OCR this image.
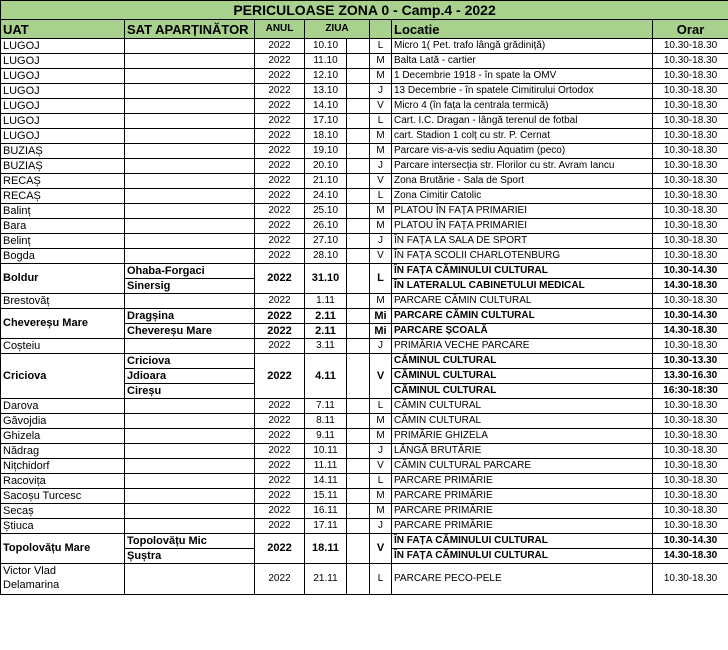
PERICULOASE ZONA 0 - Camp.4 - 2022							
UAT	SAT APARȚINĂTOR	ANUL	ZIUA			Locatie	Orar
LUGOJ		2022	10.10		L	Micro 1( Pet. trafo lângă grădiniță)	10.30-18.30
LUGOJ		2022	11.10		M	Balta Lată - cartier	10.30-18.30
LUGOJ		2022	12.10		M	1 Decembrie 1918 - în spate la OMV	10.30-18.30
LUGOJ		2022	13.10		J	13 Decembrie - în spatele Cimitirului Ortodox	10.30-18.30
LUGOJ		2022	14.10		V	Micro 4 (în fața la centrala termică)	10.30-18.30
LUGOJ		2022	17.10		L	Cart. I.C. Dragan - lângă terenul de fotbal	10.30-18.30
LUGOJ		2022	18.10		M	cart. Stadion 1 colț cu str. P. Cernat	10.30-18.30
BUZIAȘ		2022	19.10		M	Parcare vis-a-vis sediu Aquatim (peco)	10.30-18.30
BUZIAȘ		2022	20.10		J	Parcare intersecția str. Florilor cu str. Avram Iancu	10.30-18.30
RECAȘ		2022	21.10		V	Zona Brutărie - Sala de Sport	10.30-18.30
RECAȘ		2022	24.10		L	Zona Cimitir Catolic	10.30-18.30
Balinț		2022	25.10		M	PLATOU ÎN FAȚA PRIMARIEI	10.30-18.30
Bara		2022	26.10		M	PLATOU ÎN FAȚA PRIMARIEI	10.30-18.30
Belinț		2022	27.10		J	ÎN FAȚA LA SALA DE SPORT	10.30-18.30
Bogda		2022	28.10		V	ÎN FAȚA SCOLII CHARLOTENBURG	10.30-18.30
Boldur	Ohaba-Forgaci	2022	31.10		L	ÎN FAȚA CĂMINULUI CULTURAL	10.30-14.30
	Sinersig					ÎN LATERALUL CABINETULUI MEDICAL	14.30-18.30
Brestovăț		2022	1.11		M	PARCARE CĂMIN CULTURAL	10.30-18.30
Chevereșu Mare	Dragșina	2022	2.11		Mi	PARCARE CĂMIN CULTURAL	10.30-14.30
	Chevereșu Mare	2022	2.11		Mi	PARCARE ȘCOALĂ	14.30-18.30
Coșteiu		2022	3.11		J	PRIMĂRIA VECHE PARCARE	10.30-18.30
Criciova	Criciova	2022	4.11		V	CĂMINUL CULTURAL	10.30-13.30
	Jdioara					CĂMINUL CULTURAL	13.30-16.30
	Cireșu					CĂMINUL CULTURAL	16:30-18:30
Darova		2022	7.11		L	CĂMIN CULTURAL	10.30-18.30
Găvojdia		2022	8.11		M	CĂMIN CULTURAL	10.30-18.30
Ghizela		2022	9.11		M	PRIMĂRIE GHIZELA	10.30-18.30
Nădrag		2022	10.11		J	LÂNGĂ BRUTĂRIE	10.30-18.30
Nițchidorf		2022	11.11		V	CĂMIN CULTURAL PARCARE	10.30-18.30
Racovița		2022	14.11		L	PARCARE PRIMĂRIE	10.30-18.30
Sacoșu Turcesc		2022	15.11		M	PARCARE PRIMĂRIE	10.30-18.30
Secaș		2022	16.11		M	PARCARE PRIMĂRIE	10.30-18.30
Știuca		2022	17.11		J	PARCARE PRIMĂRIE	10.30-18.30
Topolovățu Mare	Topolovățu Mic	2022	18.11		V	ÎN FAȚA CĂMINULUI CULTURAL	10.30-14.30
	Șuștra					ÎN FAȚA CĂMINULUI CULTURAL	14.30-18.30

Victor Vlad
Delamarina		2022	21.11		L	PARCARE PECO-PELE	10.30-18.30
